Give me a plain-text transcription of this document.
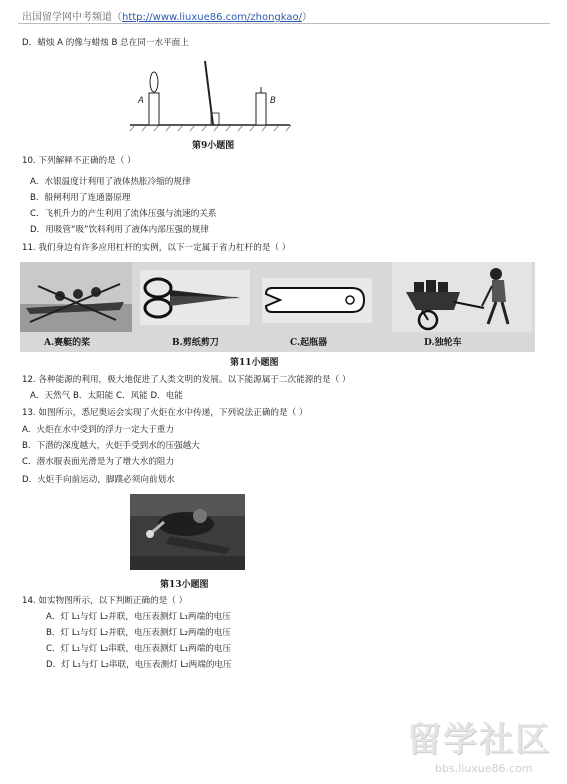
出国留学网中考频道（http://www.liuxue86.com/zhongkao/）
D．蜡烛 A 的像与蜡烛 B 总在同一水平面上
A	B
第9小题图
10. 下列解释不正确的是（ ）
A．水银温度计利用了液体热胀冷缩的规律
B．船闸利用了连通器原理
C．飞机升力的产生利用了流体压强与流速的关系
D．用吸管“吸”饮料利用了液体内部压强的规律
11. 我们身边有许多应用杠杆的实例，以下一定属于省力杠杆的是（ ）
A.赛艇的桨	B.剪纸剪刀	C.起瓶器	D.独轮车
第11小题图
12. 各种能源的利用，极大地促进了人类文明的发展。以下能源属于二次能源的是（ ）
A．天然气 B．太阳能 C．风能 D．电能
13. 如图所示，悉尼奥运会实现了火炬在水中传递，下列说法正确的是（ ）
A．火炬在水中受到的浮力一定大于重力
B．下潜的深度越大，火炬手受到水的压强越大
C．潜水服表面光滑是为了增大水的阻力
D．火炬手向前运动，脚蹼必须向前划水
第13小题图
14. 如实物图所示，以下判断正确的是（ ）
A．灯 L₁与灯 L₂并联，电压表测灯 L₁两端的电压
B．灯 L₁与灯 L₂并联，电压表测灯 L₂两端的电压
C．灯 L₁与灯 L₂串联，电压表测灯 L₁两端的电压
D．灯 L₁与灯 L₂串联，电压表测灯 L₂两端的电压
留学社区
bbs.liuxue86.com
